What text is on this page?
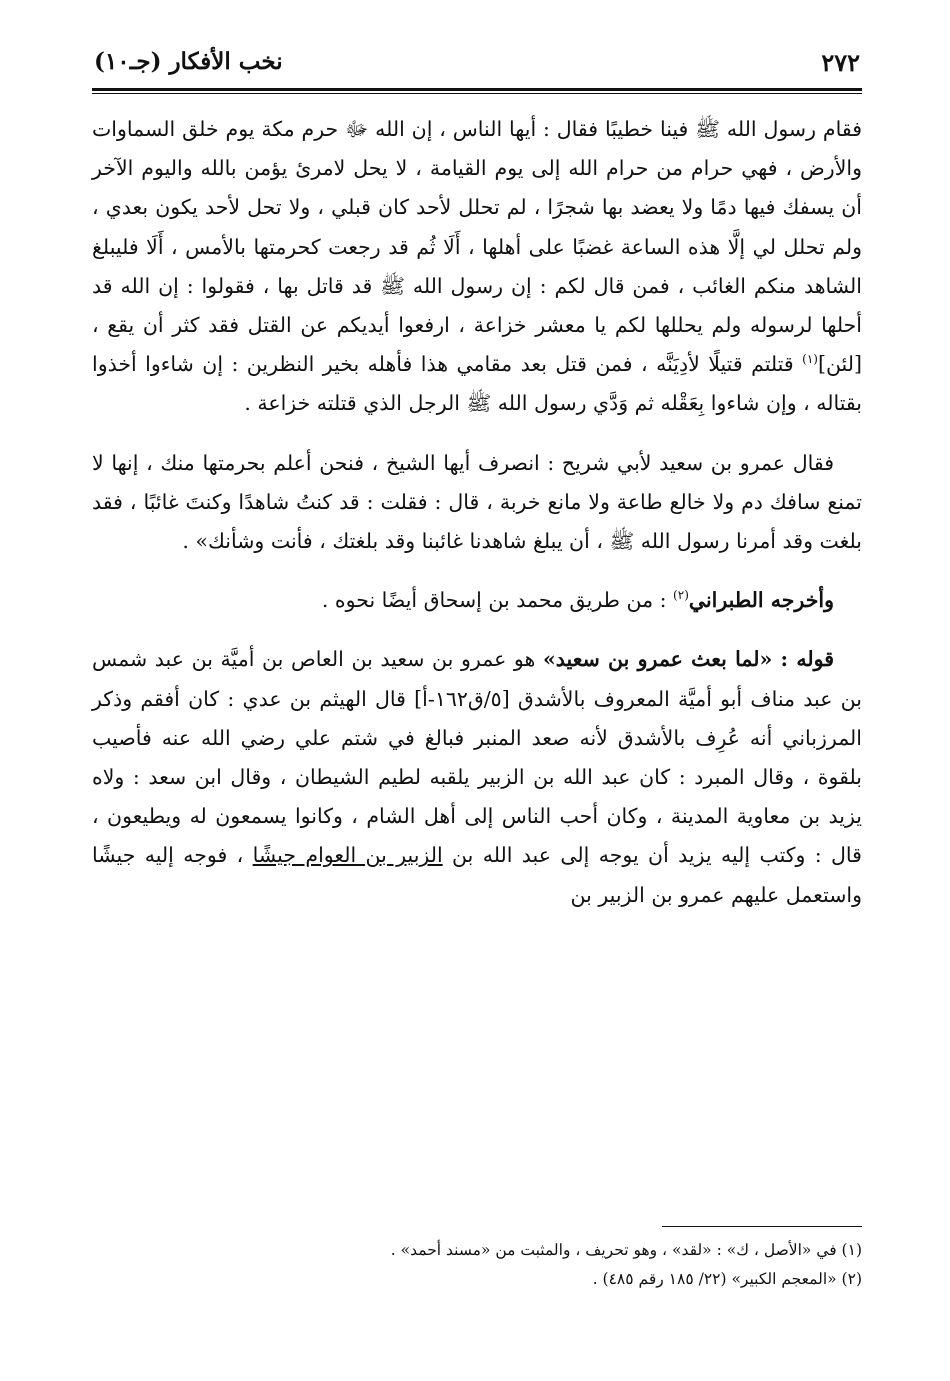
٢٧٢
نخب الأفكار (جـ١٠)

فقام رسول الله ﷺ فينا خطيبًا فقال : أيها الناس ، إن الله ﷻ حرم مكة يوم خلق السماوات والأرض ، فهي حرام من حرام الله إلى يوم القيامة ، لا يحل لامرئ يؤمن بالله واليوم الآخر أن يسفك فيها دمًا ولا يعضد بها شجرًا ، لم تحلل لأحد كان قبلي ، ولا تحل لأحد يكون بعدي ، ولم تحلل لي إلَّا هذه الساعة غضبًا على أهلها ، أَلَا ثُم قد رجعت كحرمتها بالأمس ، أَلَا فليبلغ الشاهد منكم الغائب ، فمن قال لكم : إن رسول الله ﷺ قد قاتل بها ، فقولوا : إن الله قد أحلها لرسوله ولم يحللها لكم يا معشر خزاعة ، ارفعوا أيديكم عن القتل فقد كثر أن يقع ، [لئن]$^{(١)}$ قتلتم قتيلًا لأدِيَنَّه ، فمن قتل بعد مقامي هذا فأهله بخير النظرين : إن شاءوا أخذوا بقتاله ، وإن شاءوا بِعَقْله ثم وَدَّي رسول الله ﷺ الرجل الذي قتلته خزاعة .

فقال عمرو بن سعيد لأبي شريح : انصرف أيها الشيخ ، فنحن أعلم بحرمتها منك ، إنها لا تمنع سافك دم ولا خالع طاعة ولا مانع خربة ، قال : فقلت : قد كنتُ شاهدًا وكنتَ غائبًا ، فقد بلغت وقد أمرنا رسول الله ﷺ ، أن يبلغ شاهدنا غائبنا وقد بلغتك ، فأنت وشأنك» .

وأخرجه الطبراني$^{(٢)}$ : من طريق محمد بن إسحاق أيضًا نحوه .

قوله : «لما بعث عمرو بن سعيد» هو عمرو بن سعيد بن العاص بن أميَّة بن عبد شمس بن عبد مناف أبو أميَّة المعروف بالأشدق [٥/ق١٦٢-أ] قال الهيثم بن عدي : كان أفقم وذكر المرزباني أنه عُرِف بالأشدق لأنه صعد المنبر فبالغ في شتم علي رضي الله عنه فأصيب بلقوة ، وقال المبرد : كان عبد الله بن الزبير يلقبه لطيم الشيطان ، وقال ابن سعد : ولاه يزيد بن معاوية المدينة ، وكان أحب الناس إلى أهل الشام ، وكانوا يسمعون له ويطيعون ، قال : وكتب إليه يزيد أن يوجه إلى عبد الله بن الزبير بن العوام جيشًا ، فوجه إليه جيشًا واستعمل عليهم عمرو بن الزبير بن

(١) في «الأصل ، ك» : «لقد» ، وهو تحريف ، والمثبت من «مسند أحمد» .
(٢) «المعجم الكبير» (٢٢/ ١٨٥ رقم ٤٨٥) .
